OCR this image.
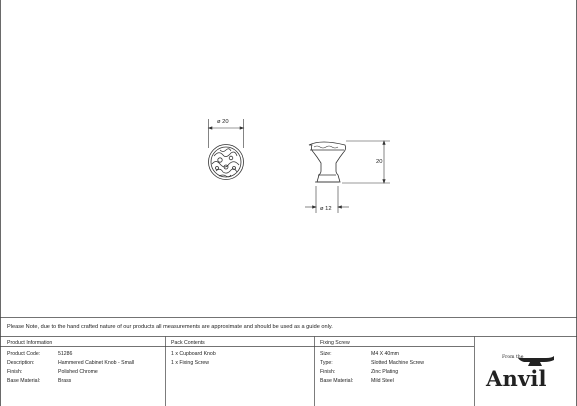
ø 20
20
ø 12
Please Note, due to the hand crafted nature of our products all measurements are approximate and should be used as a guide only.
Product Information
Product Code:	51286
Description:	Hammered Cabinet Knob - Small
Finish:	Polished Chrome
Base Material:	Brass
Pack Contents
1 x Cupboard Knob
1 x Fixing Screw
Fixing Screw
Size:	M4 X 40mm
Type:	Slotted Machine Screw
Finish:	Zinc Plating
Base Material:	Mild Steel
From the
Anvil
